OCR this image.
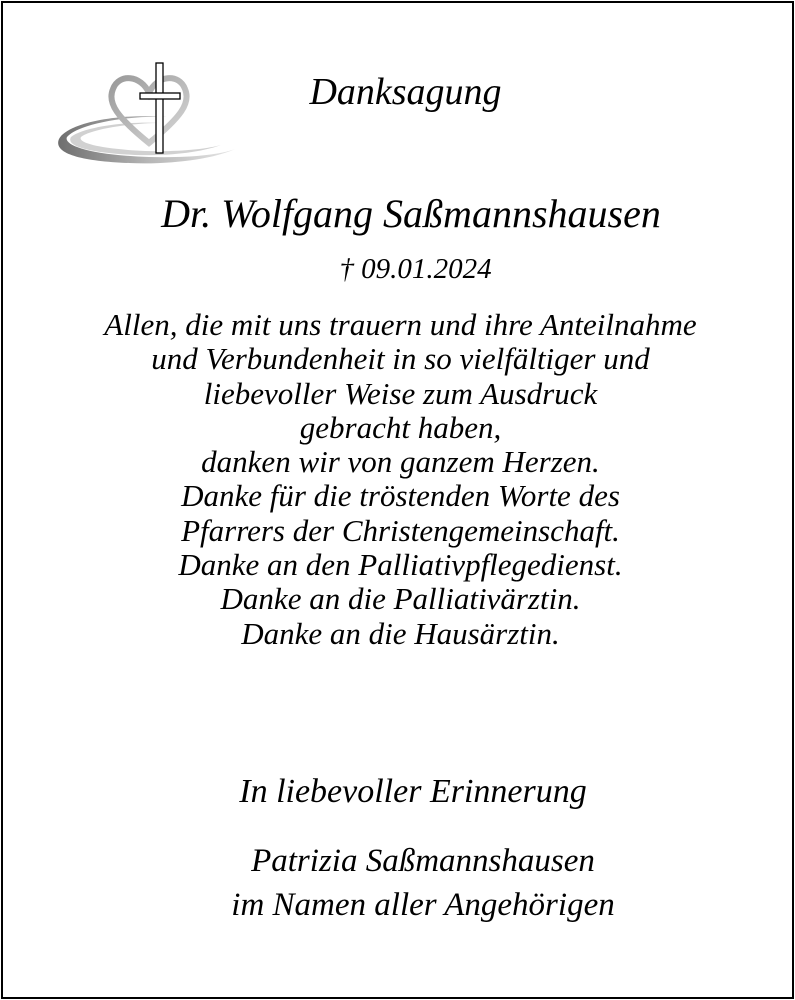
Danksagung
Dr. Wolfgang Saßmannshausen
† 09.01.2024
Allen, die mit uns trauern und ihre Anteilnahme
und Verbundenheit in so vielfältiger und
liebevoller Weise zum Ausdruck
gebracht haben,
danken wir von ganzem Herzen.
Danke für die tröstenden Worte des
Pfarrers der Christengemeinschaft.
Danke an den Palliativpflegedienst.
Danke an die Palliativärztin.
Danke an die Hausärztin.
In liebevoller Erinnerung
Patrizia Saßmannshausen
im Namen aller Angehörigen
